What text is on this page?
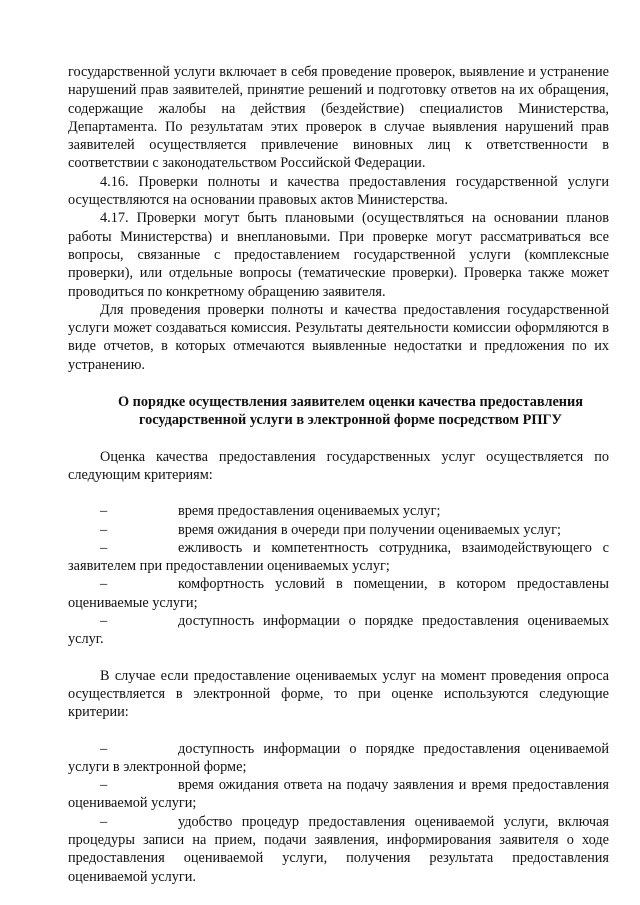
государственной услуги включает в себя проведение проверок, выявление и устранение нарушений прав заявителей, принятие решений и подготовку ответов на их обращения, содержащие жалобы на действия (бездействие) специалистов Министерства, Департамента. По результатам этих проверок в случае выявления нарушений прав заявителей осуществляется привлечение виновных лиц к ответственности в соответствии с законодательством Российской Федерации.

4.16. Проверки полноты и качества предоставления государственной услуги осуществляются на основании правовых актов Министерства.

4.17. Проверки могут быть плановыми (осуществляться на основании планов работы Министерства) и внеплановыми. При проверке могут рассматриваться все вопросы, связанные с предоставлением государственной услуги (комплексные проверки), или отдельные вопросы (тематические проверки). Проверка также может проводиться по конкретному обращению заявителя.

Для проведения проверки полноты и качества предоставления государственной услуги может создаваться комиссия. Результаты деятельности комиссии оформляются в виде отчетов, в которых отмечаются выявленные недостатки и предложения по их устранению.

О порядке осуществления заявителем оценки качества предоставления государственной услуги в электронной форме посредством РПГУ

Оценка качества предоставления государственных услуг осуществляется по следующим критериям:

–	время предоставления оцениваемых услуг;

–	время ожидания в очереди при получении оцениваемых услуг;

–	ежливость и компетентность сотрудника, взаимодействующего с заявителем при предоставлении оцениваемых услуг;

–	комфортность условий в помещении, в котором предоставлены оцениваемые услуги;

–	доступность информации о порядке предоставления оцениваемых услуг.

В случае если предоставление оцениваемых услуг на момент проведения опроса осуществляется в электронной форме, то при оценке используются следующие критерии:

–	доступность информации о порядке предоставления оцениваемой услуги в электронной форме;

–	время ожидания ответа на подачу заявления и время предоставления оцениваемой услуги;

–	удобство процедур предоставления оцениваемой услуги, включая процедуры записи на прием, подачи заявления, информирования заявителя о ходе предоставления оцениваемой услуги, получения результата предоставления оцениваемой услуги.
